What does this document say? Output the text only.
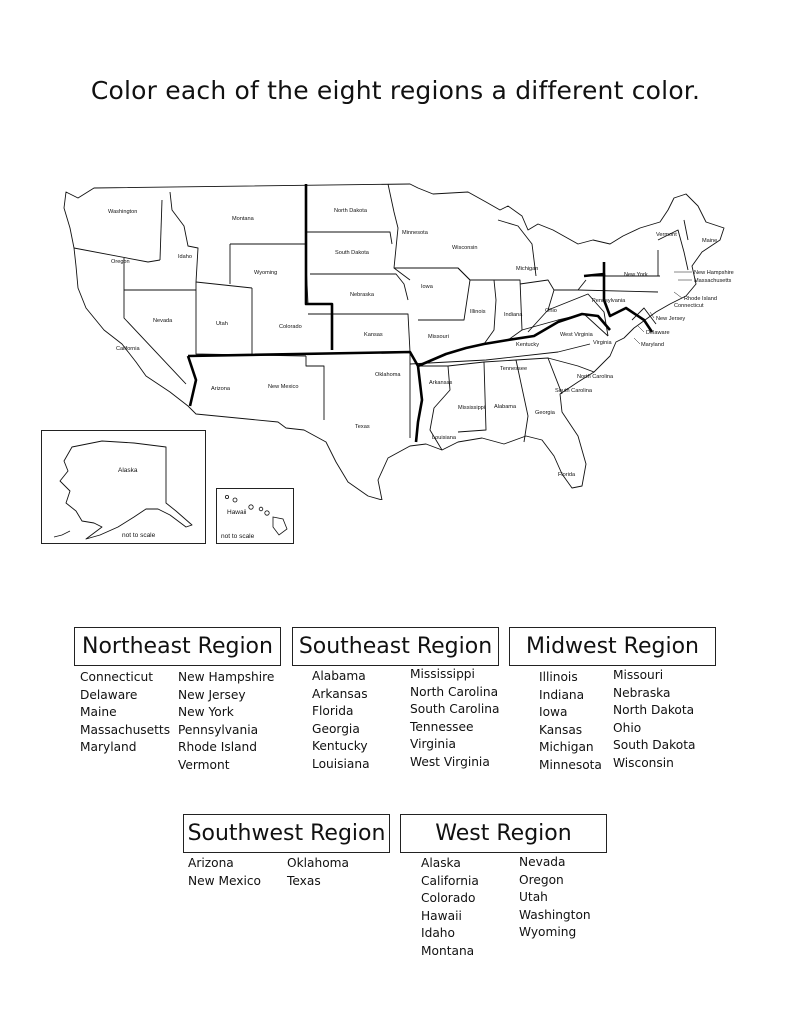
Color each of the eight regions a different color.
Washington
Oregon
California
Idaho
Nevada
Montana
Wyoming
Utah	Colorado
Arizona	New Mexico
North Dakota
South Dakota
Nebraska
Kansas
Oklahoma
Texas
Minnesota
Iowa
Missouri
Arkansas
Louisiana
Wisconsin
Illinois
Michigan
Indiana
Ohio
Kentucky
Tennessee
Mississippi Alabama
Georgia
Florida
South Carolina
North Carolina
Virginia
West Virginia
Pennsylvania
New York
Vermont
Maine
New Hampshire
Massachusetts
Rhode Island
Connecticut
New Jersey
Delaware
Maryland
Alaska
not to scale
Hawaii
not to scale
Northeast Region
Connecticut
Delaware
Maine
Massachusetts
Maryland
New Hampshire
New Jersey
New York
Pennsylvania
Rhode Island
Vermont
Southeast Region
Alabama
Arkansas
Florida
Georgia
Kentucky
Louisiana
Mississippi
North Carolina
South Carolina
Tennessee
Virginia
West Virginia
Midwest Region
Illinois
Indiana
Iowa
Kansas
Michigan
Minnesota
Missouri
Nebraska
North Dakota
Ohio
South Dakota
Wisconsin
Southwest Region
Arizona
New Mexico
Oklahoma
Texas
West Region
Alaska
California
Colorado
Hawaii
Idaho
Montana
Nevada
Oregon
Utah
Washington
Wyoming
